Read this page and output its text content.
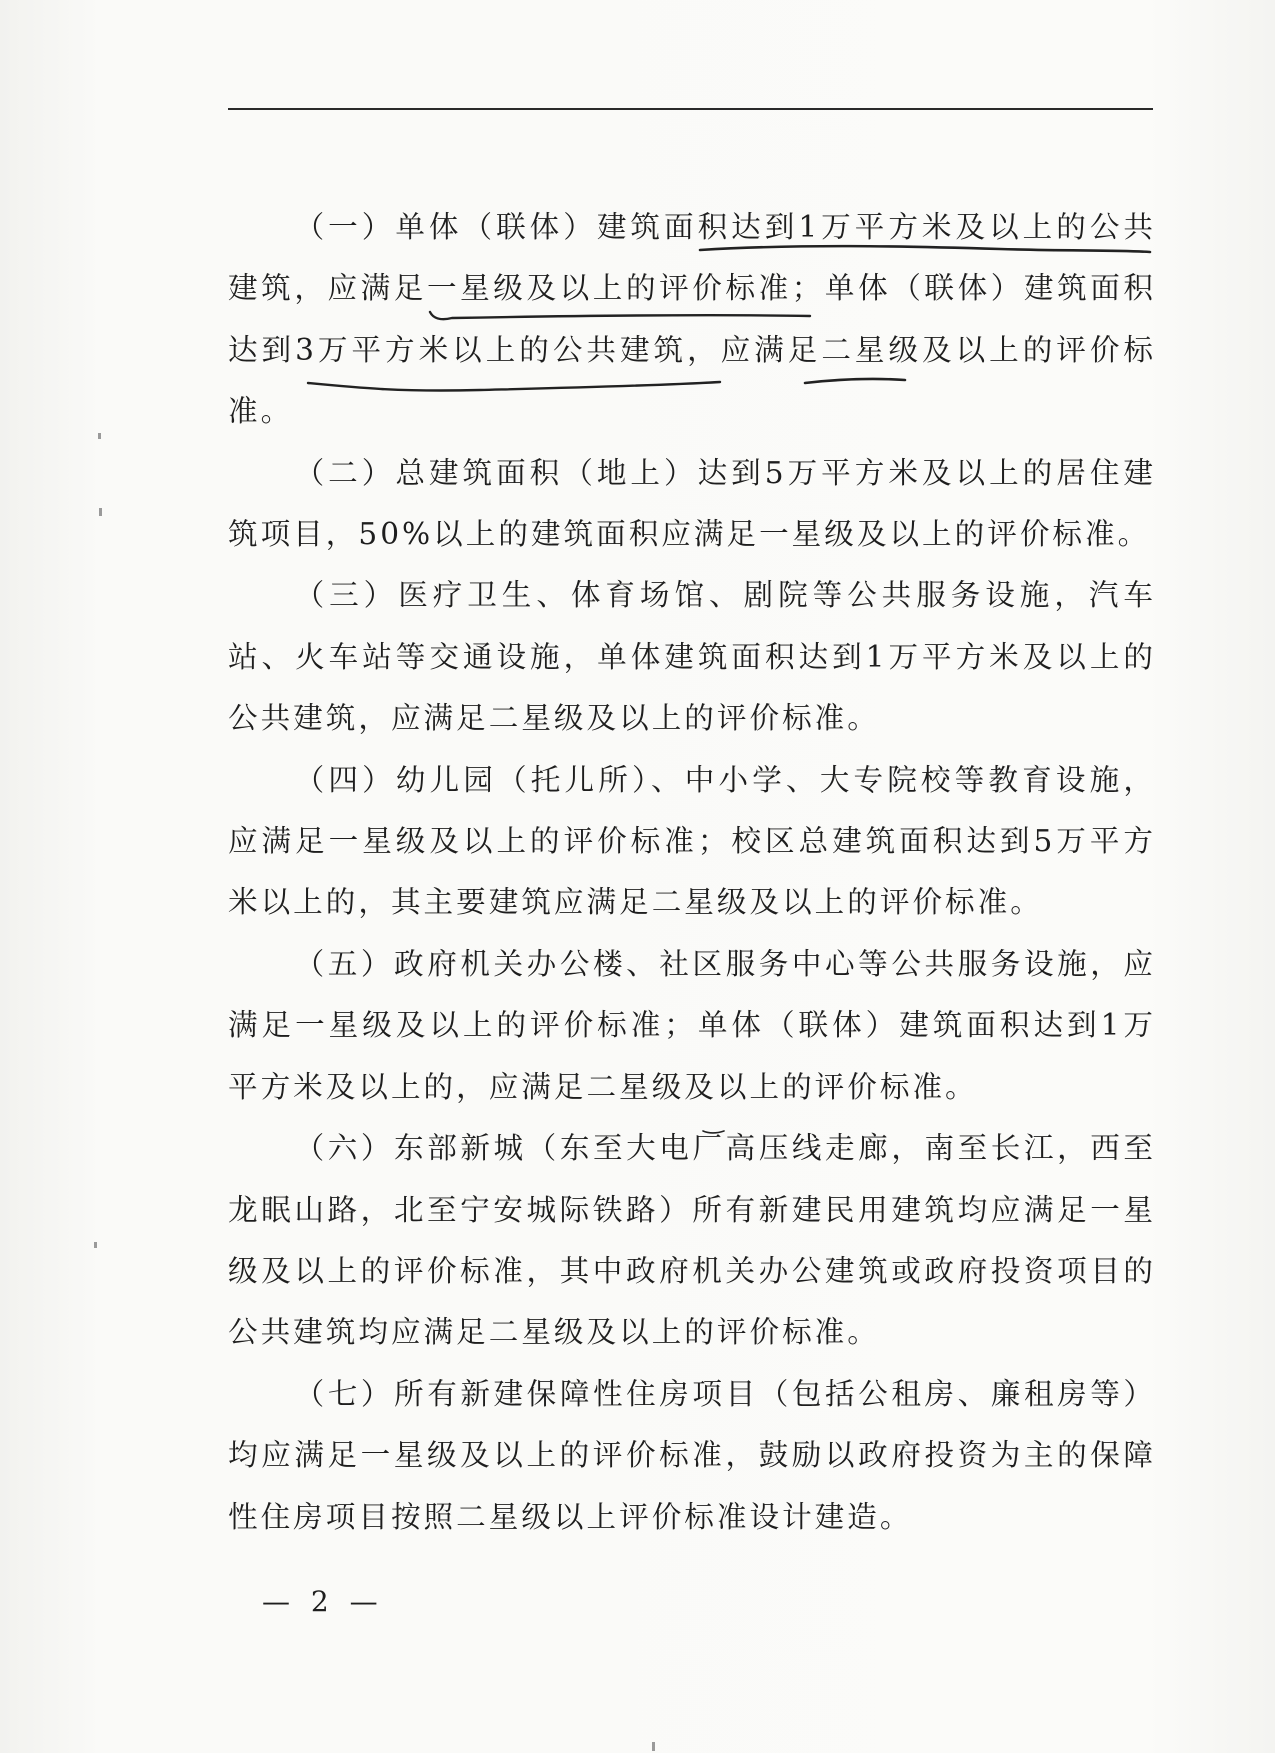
（一）单体（联体）建筑面积达到1万平方米及以上的公共建筑，应满足一星级及以上的评价标准；单体（联体）建筑面积达到3万平方米以上的公共建筑，应满足二星级及以上的评价标准。

（二）总建筑面积（地上）达到5万平方米及以上的居住建筑项目，50%以上的建筑面积应满足一星级及以上的评价标准。

（三）医疗卫生、体育场馆、剧院等公共服务设施，汽车站、火车站等交通设施，单体建筑面积达到1万平方米及以上的公共建筑，应满足二星级及以上的评价标准。

（四）幼儿园（托儿所）、中小学、大专院校等教育设施，应满足一星级及以上的评价标准；校区总建筑面积达到5万平方米以上的，其主要建筑应满足二星级及以上的评价标准。

（五）政府机关办公楼、社区服务中心等公共服务设施，应满足一星级及以上的评价标准；单体（联体）建筑面积达到1万平方米及以上的，应满足二星级及以上的评价标准。

（六）东部新城（东至大电厂高压线走廊，南至长江，西至龙眠山路，北至宁安城际铁路）所有新建民用建筑均应满足一星级及以上的评价标准，其中政府机关办公建筑或政府投资项目的公共建筑均应满足二星级及以上的评价标准。

（七）所有新建保障性住房项目（包括公租房、廉租房等）均应满足一星级及以上的评价标准，鼓励以政府投资为主的保障性住房项目按照二星级以上评价标准设计建造。

— 2 —
